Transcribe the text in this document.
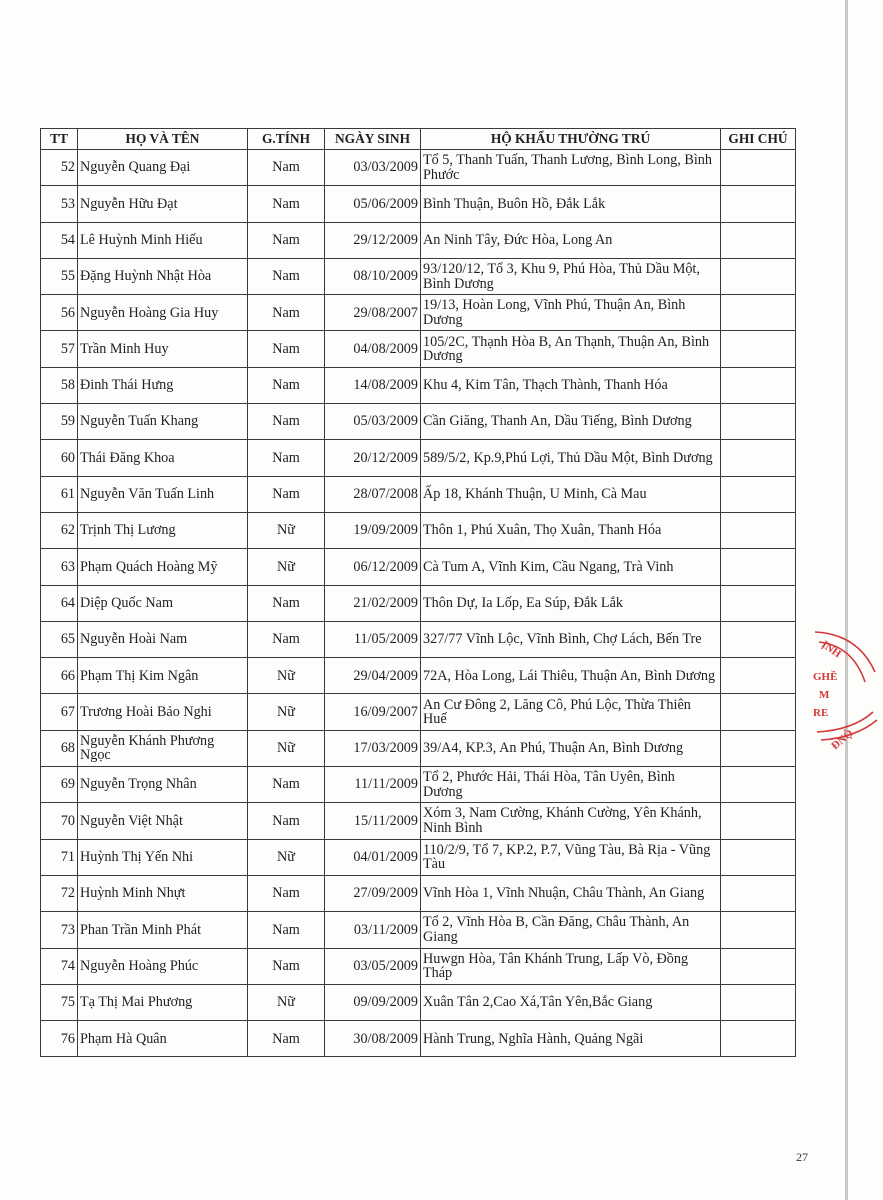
TT	HỌ VÀ TÊN	G.TÍNH	NGÀY SINH	HỘ KHẨU THƯỜNG TRÚ	GHI CHÚ
52	Nguyễn Quang Đại	Nam	03/03/2009	Tổ 5, Thanh Tuấn, Thanh Lương, Bình Long, Bình Phước	
53	Nguyễn Hữu Đạt	Nam	05/06/2009	Bình Thuận, Buôn Hồ, Đắk Lắk	
54	Lê Huỳnh Minh Hiếu	Nam	29/12/2009	An Ninh Tây, Đức Hòa, Long An	
55	Đặng Huỳnh Nhật Hòa	Nam	08/10/2009	93/120/12, Tổ 3, Khu 9, Phú Hòa, Thủ Dầu Một, Bình Dương	
56	Nguyễn Hoàng Gia Huy	Nam	29/08/2007	19/13, Hoàn Long, Vĩnh Phú, Thuận An, Bình Dương	
57	Trần Minh Huy	Nam	04/08/2009	105/2C, Thạnh Hòa B, An Thạnh, Thuận An, Bình Dương	
58	Đinh Thái Hưng	Nam	14/08/2009	Khu 4, Kim Tân, Thạch Thành, Thanh Hóa	
59	Nguyễn Tuấn Khang	Nam	05/03/2009	Cần Giăng, Thanh An, Dầu Tiếng, Bình Dương	
60	Thái Đăng Khoa	Nam	20/12/2009	589/5/2, Kp.9,Phú Lợi, Thủ Dầu Một, Bình Dương	
61	Nguyễn Văn Tuấn Linh	Nam	28/07/2008	Ấp 18, Khánh Thuận, U Minh, Cà Mau	
62	Trịnh Thị Lương	Nữ	19/09/2009	Thôn 1, Phú Xuân, Thọ Xuân, Thanh Hóa	
63	Phạm Quách Hoàng Mỹ	Nữ	06/12/2009	Cà Tum A, Vĩnh Kim, Cầu Ngang, Trà Vinh	
64	Diệp Quốc Nam	Nam	21/02/2009	Thôn Dự, Ia Lốp, Ea Súp, Đắk Lắk	
65	Nguyễn Hoài Nam	Nam	11/05/2009	327/77 Vĩnh Lộc, Vĩnh Bình, Chợ Lách, Bến Tre	
66	Phạm Thị Kim Ngân	Nữ	29/04/2009	72A, Hòa Long, Lái Thiêu, Thuận An, Bình Dương	
67	Trương Hoài Bảo Nghi	Nữ	16/09/2007	An Cư Đông 2, Lăng Cô, Phú Lộc, Thừa Thiên Huế	
68	Nguyễn Khánh Phương Ngọc	Nữ	17/03/2009	39/A4, KP.3, An Phú, Thuận An, Bình Dương	
69	Nguyễn Trọng Nhân	Nam	11/11/2009	Tổ 2, Phước Hải, Thái Hòa, Tân Uyên, Bình Dương	
70	Nguyễn Việt Nhật	Nam	15/11/2009	Xóm 3, Nam Cường, Khánh Cường, Yên Khánh, Ninh Bình	
71	Huỳnh Thị Yến Nhi	Nữ	04/01/2009	110/2/9, Tổ 7, KP.2, P.7, Vũng Tàu, Bà Rịa - Vũng Tàu	
72	Huỳnh Minh Nhựt	Nam	27/09/2009	Vĩnh Hòa 1, Vĩnh Nhuận, Châu Thành, An Giang	
73	Phan Trần Minh Phát	Nam	03/11/2009	Tổ 2, Vĩnh Hòa B, Cần Đăng, Châu Thành, An Giang	
74	Nguyễn Hoàng Phúc	Nam	03/05/2009	Huwgn Hòa, Tân Khánh Trung, Lấp Vò, Đồng Tháp	
75	Tạ Thị Mai Phương	Nữ	09/09/2009	Xuân Tân 2,Cao Xá,Tân Yên,Bắc Giang	
76	Phạm Hà Quân	Nam	30/08/2009	Hành Trung, Nghĩa Hành, Quảng Ngãi	
ỊNH
GHỀ
M
RE
ĐNỘ
27
